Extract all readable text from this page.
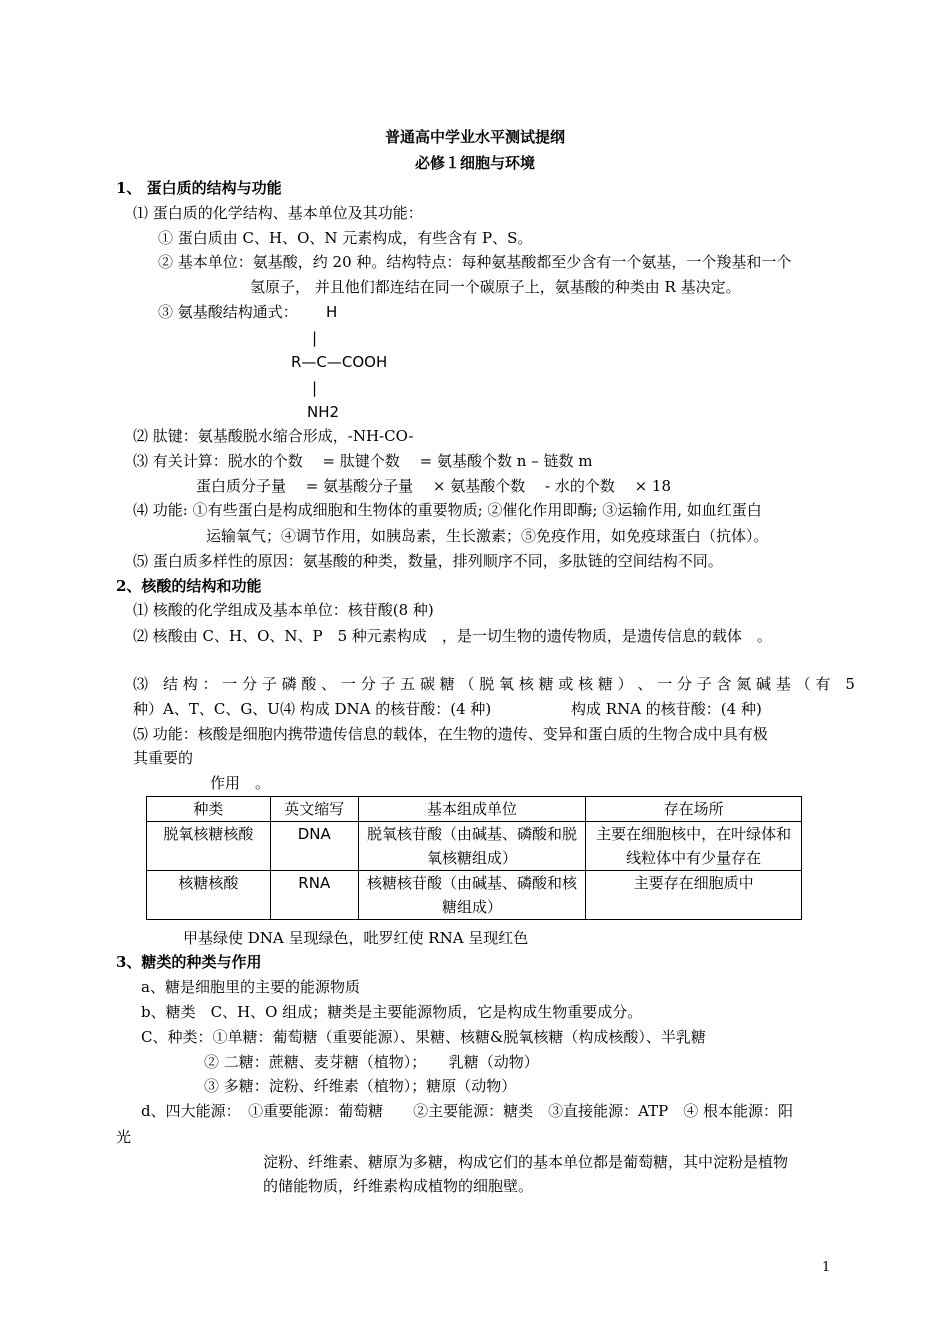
普通高中学业水平测试提纲
必修１细胞与环境
1、 蛋白质的结构与功能
⑴ 蛋白质的化学结构、基本单位及其功能：
① 蛋白质由 C、H、O、N 元素构成，有些含有 P、S。
② 基本单位：氨基酸，约 20 种。结构特点：每种氨基酸都至少含有一个氨基，一个羧基和一个
氢原子， 并且他们都连结在同一个碳原子上，氨基酸的种类由 R 基决定。
③ 氨基酸结构通式： H
|
R—C—COOH
|
NH2
⑵ 肽键：氨基酸脱水缩合形成，-NH-CO-
⑶ 有关计算：脱水的个数 　= 肽键个数　 = 氨基酸个数 n – 链数 m
蛋白质分子量　 = 氨基酸分子量　 × 氨基酸个数　 - 水的个数　 × 18
⑷ 功能: ①有些蛋白是构成细胞和生物体的重要物质; ②催化作用即酶; ③运输作用, 如血红蛋白
运输氧气；④调节作用，如胰岛素，生长激素；⑤免疫作用，如免疫球蛋白（抗体）。
⑸ 蛋白质多样性的原因：氨基酸的种类，数量，排列顺序不同，多肽链的空间结构不同。
2、核酸的结构和功能
⑴ 核酸的化学组成及基本单位：核苷酸(8 种)
⑵ 核酸由 C、H、O、N、P　5 种元素构成　，是一切生物的遗传物质，是遗传信息的载体　。
⑶　结 构 ： 一 分 子 磷 酸 、 一 分 子 五 碳 糖 （ 脱 氧 核 糖 或 核 糖 ） 、 一 分 子 含 氮 碱 基 （ 有　5
种）A、T、C、G、U⑷ 构成 DNA 的核苷酸：(4 种)　　　　　 构成 RNA 的核苷酸：(4 种)
⑸ 功能：核酸是细胞内携带遗传信息的载体，在生物的遗传、变异和蛋白质的生物合成中具有极
其重要的
作用　。
种类	英文缩写	基本组成单位	存在场所
脱氧核糖核酸	DNA	脱氧核苷酸（由碱基、磷酸和脱氧核糖组成）	主要在细胞核中，在叶绿体和线粒体中有少量存在
核糖核酸	RNA	核糖核苷酸（由碱基、磷酸和核糖组成）	主要存在细胞质中
甲基绿使 DNA 呈现绿色，吡罗红使 RNA 呈现红色
3、糖类的种类与作用
a、糖是细胞里的主要的能源物质
b、糖类　C、H、O 组成；糖类是主要能源物质，它是构成生物重要成分。
C、种类：①单糖：葡萄糖（重要能源）、果糖、核糖&脱氧核糖（构成核酸）、半乳糖
② 二糖：蔗糖、麦芽糖（植物）；　　乳糖（动物）
③ 多糖：淀粉、纤维素（植物）；糖原（动物）
d、四大能源：　①重要能源：葡萄糖　　②主要能源：糖类　③直接能源：ATP　④ 根本能源：阳
光
淀粉、纤维素、糖原为多糖，构成它们的基本单位都是葡萄糖，其中淀粉是植物
的储能物质，纤维素构成植物的细胞壁。
1
